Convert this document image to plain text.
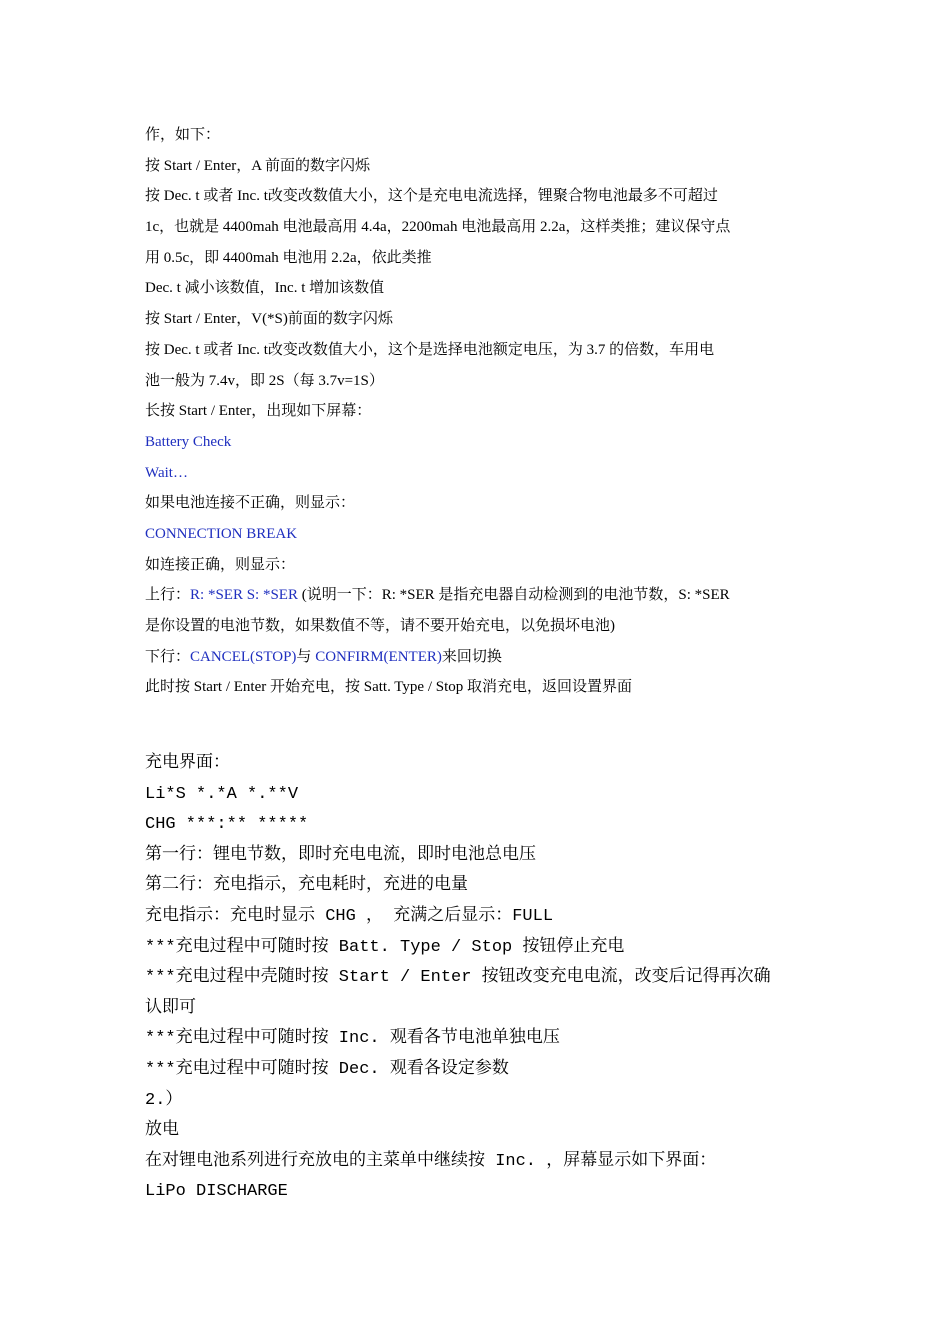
作，如下：
按 Start / Enter，A 前面的数字闪烁
按 Dec. t 或者 Inc. t改变改数值大小，这个是充电电流选择，锂聚合物电池最多不可超过
1c，也就是 4400mah 电池最高用 4.4a，2200mah 电池最高用 2.2a，这样类推；建议保守点
用 0.5c，即 4400mah 电池用 2.2a，依此类推
Dec. t 减小该数值，Inc. t 增加该数值
按 Start / Enter，V(*S)前面的数字闪烁
按 Dec. t 或者 Inc. t改变改数值大小，这个是选择电池额定电压，为 3.7 的倍数，车用电
池一般为 7.4v，即 2S（每 3.7v=1S）
长按 Start / Enter，出现如下屏幕：
Battery Check
Wait…
如果电池连接不正确，则显示：
CONNECTION BREAK
如连接正确，则显示：
上行：R: *SER S: *SER (说明一下：R: *SER 是指充电器自动检测到的电池节数，S: *SER
是你设置的电池节数，如果数值不等，请不要开始充电，以免损坏电池)
下行：CANCEL(STOP)与 CONFIRM(ENTER)来回切换
此时按 Start / Enter 开始充电，按 Satt. Type / Stop 取消充电，返回设置界面
充电界面：
Li*S *.*A *.**V
CHG ***:** *****
第一行：锂电节数，即时充电电流，即时电池总电压
第二行：充电指示，充电耗时，充进的电量
充电指示：充电时显示 CHG ， 充满之后显示：FULL
***充电过程中可随时按 Batt. Type / Stop 按钮停止充电
***充电过程中壳随时按 Start / Enter 按钮改变充电电流，改变后记得再次确
认即可
***充电过程中可随时按 Inc. 观看各节电池单独电压
***充电过程中可随时按 Dec. 观看各设定参数
2.）
放电
在对锂电池系列进行充放电的主菜单中继续按 Inc. ，屏幕显示如下界面：
LiPo DISCHARGE
